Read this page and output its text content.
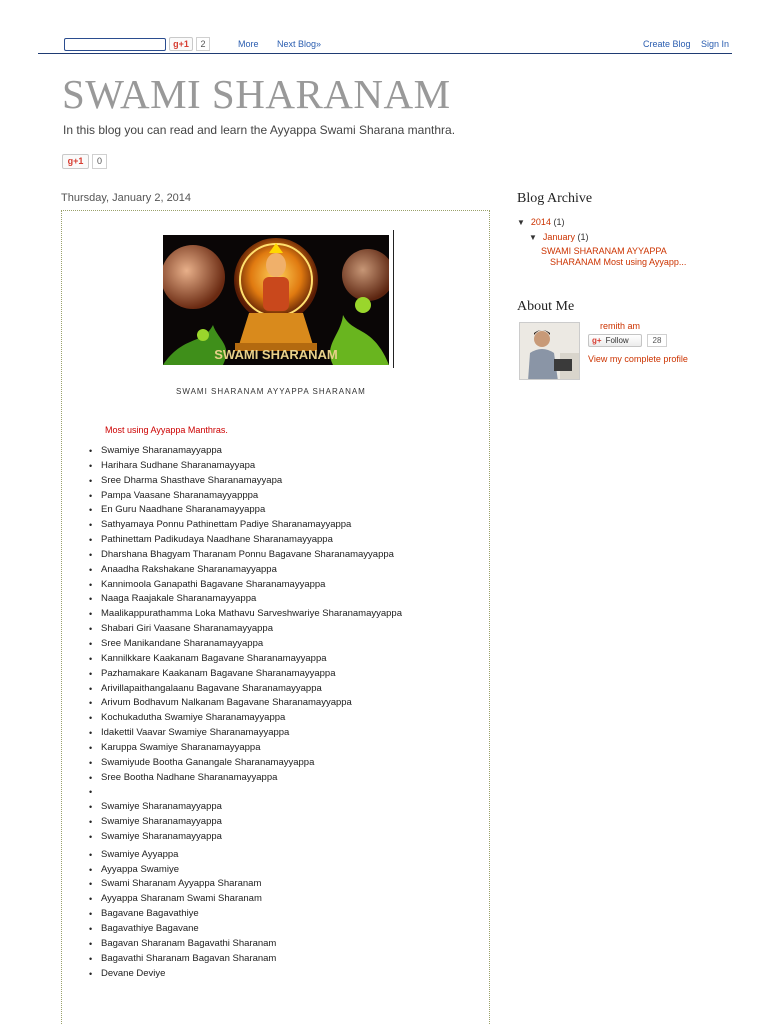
g+1	2	More Next Blog»	Create Blog Sign In
SWAMI SHARANAM
In this blog you can read and learn the Ayyappa Swami Sharana manthra.
g+1	0
Thursday, January 2, 2014
SWAMI SHARANAM
SWAMI SHARANAM AYYAPPA SHARANAM
Most using Ayyappa Manthras.
• Swamiye Sharanamayyappa
• Harihara Sudhane Sharanamayyapa
• Sree Dharma Shasthave Sharanamayyapa
• Pampa Vaasane Sharanamayyapppa
• En Guru Naadhane Sharanamayyappa
• Sathyamaya Ponnu Pathinettam Padiye Sharanamayyappa
• Pathinettam Padikudaya Naadhane Sharanamayyappa
• Dharshana Bhagyam Tharanam Ponnu Bagavane Sharanamayyappa
• Anaadha Rakshakane Sharanamayyappa
• Kannimoola Ganapathi Bagavane Sharanamayyappa
• Naaga Raajakale Sharanamayyappa
• Maalikappurathamma Loka Mathavu Sarveshwariye Sharanamayyappa
• Shabari Giri Vaasane Sharanamayyappa
• Sree Manikandane Sharanamayyappa
• Kannilkkare Kaakanam Bagavane Sharanamayyappa
• Pazhamakare Kaakanam Bagavane Sharanamayyappa
• Arivillapaithangalaanu Bagavane Sharanamayyappa
• Arivum Bodhavum Nalkanam Bagavane Sharanamayyappa
• Kochukadutha Swamiye Sharanamayyappa
• Idakettil Vaavar Swamiye Sharanamayyappa
• Karuppa Swamiye Sharanamayyappa
• Swamiyude Bootha Ganangale Sharanamayyappa
• Sree Bootha Nadhane Sharanamayyappa
•
• Swamiye Sharanamayyappa
• Swamiye Sharanamayyappa
• Swamiye Sharanamayyappa
• Swamiye Ayyappa
• Ayyappa Swamiye
• Swami Sharanam Ayyappa Sharanam
• Ayyappa Sharanam Swami Sharanam
• Bagavane Bagavathiye
• Bagavathiye Bagavane
• Bagavan Sharanam Bagavathi Sharanam
• Bagavathi Sharanam Bagavan Sharanam
• Devane Deviye
Blog Archive
▼ 2014 (1)
▼ January (1)
SWAMI SHARANAM AYYAPPA
SHARANAM Most using Ayyapp...
About Me
remith am
g+ Follow	28
View my complete profile
